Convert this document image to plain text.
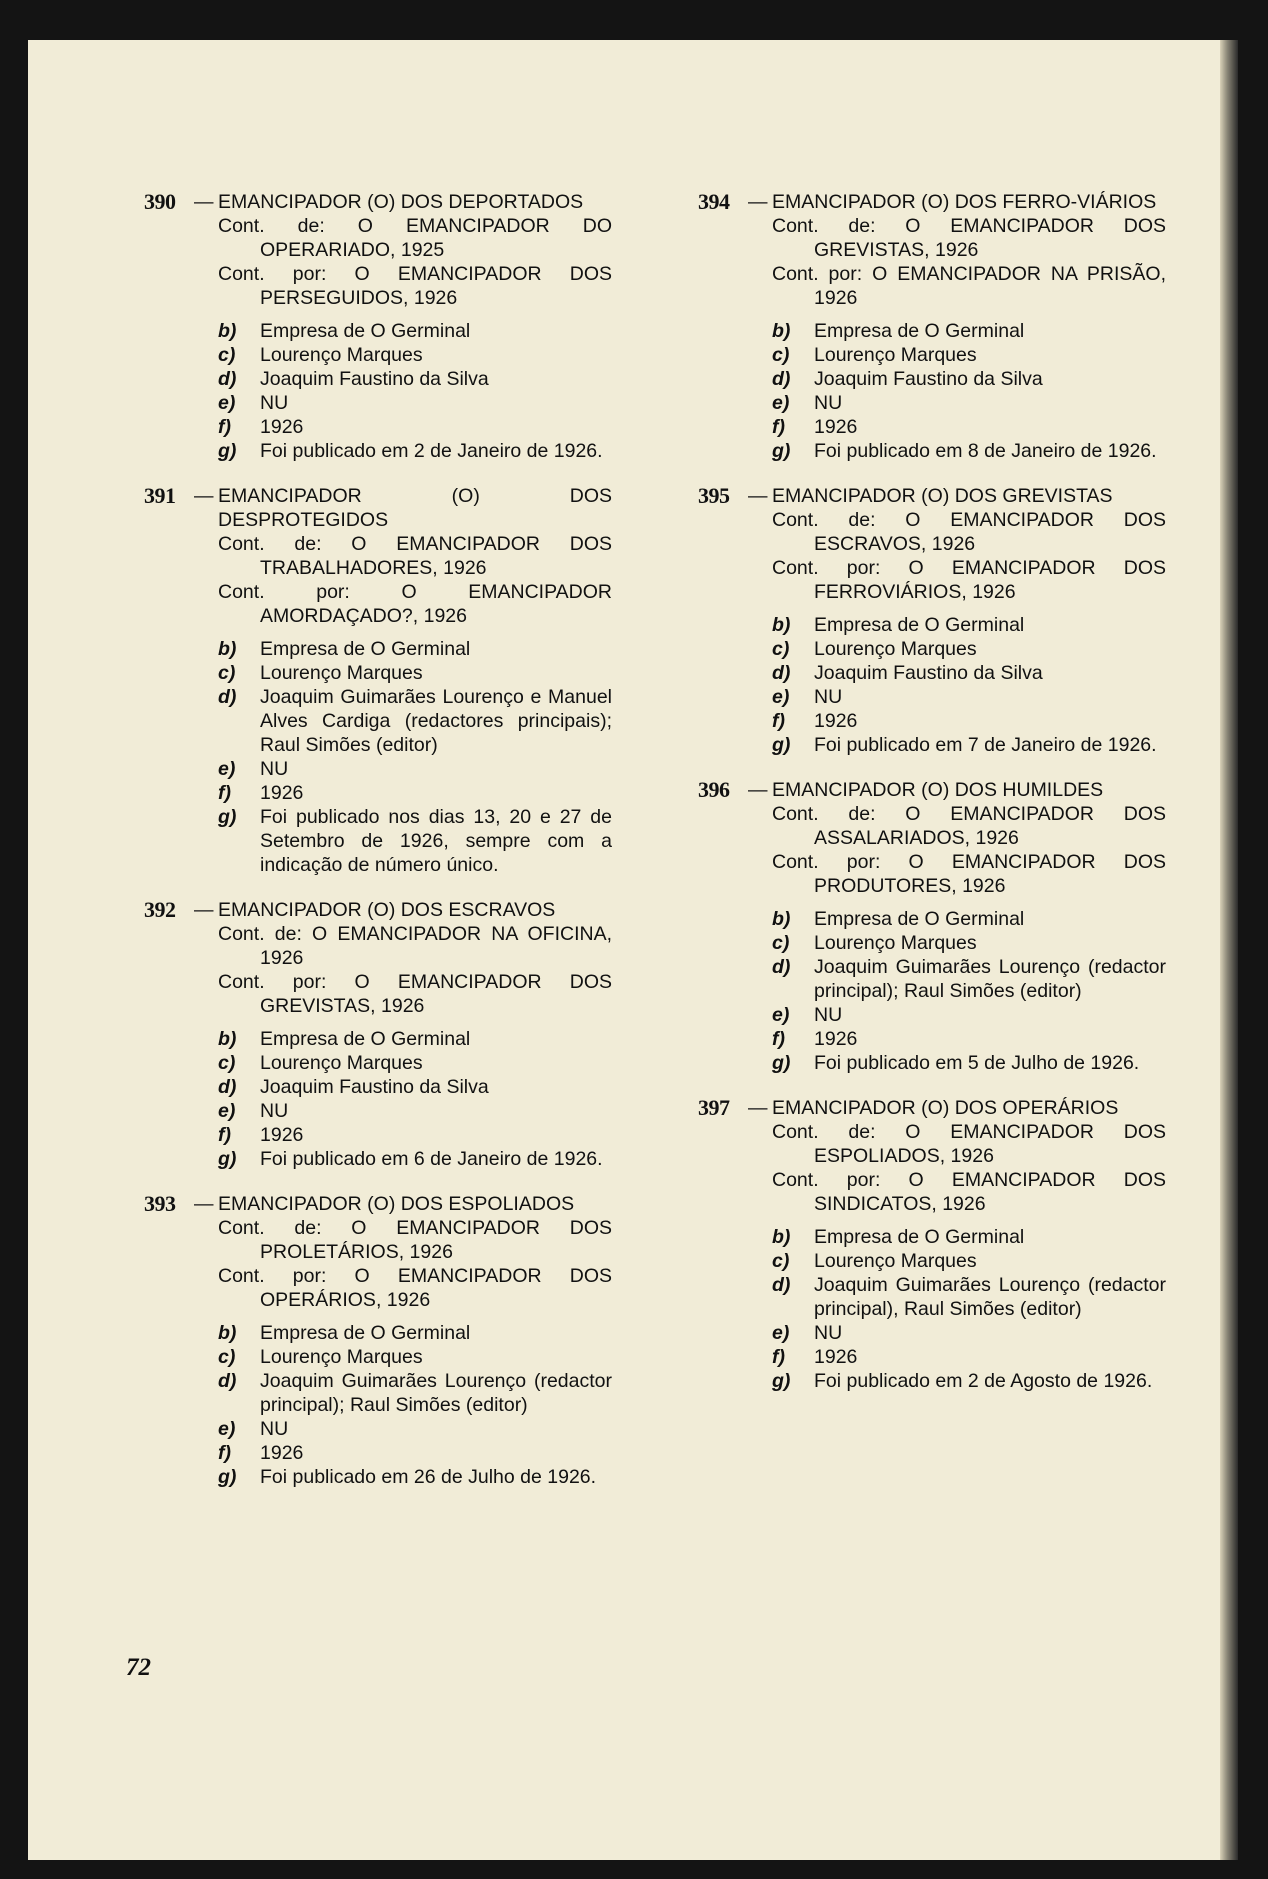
390 — EMANCIPADOR (O) DOS DEPORTADOS
Cont. de: O EMANCIPADOR DO OPERARIADO, 1925
Cont. por: O EMANCIPADOR DOS PERSEGUIDOS, 1926
b) Empresa de O Germinal
c) Lourenço Marques
d) Joaquim Faustino da Silva
e) NU
f) 1926
g) Foi publicado em 2 de Janeiro de 1926.
391 — EMANCIPADOR (O) DOS DESPROTEGIDOS
Cont. de: O EMANCIPADOR DOS TRABALHADORES, 1926
Cont. por: O EMANCIPADOR AMORDAÇADO?, 1926
b) Empresa de O Germinal
c) Lourenço Marques
d) Joaquim Guimarães Lourenço e Manuel Alves Cardiga (redactores principais); Raul Simões (editor)
e) NU
f) 1926
g) Foi publicado nos dias 13, 20 e 27 de Setembro de 1926, sempre com a indicação de número único.
392 — EMANCIPADOR (O) DOS ESCRAVOS
Cont. de: O EMANCIPADOR NA OFICINA, 1926
Cont. por: O EMANCIPADOR DOS GREVISTAS, 1926
b) Empresa de O Germinal
c) Lourenço Marques
d) Joaquim Faustino da Silva
e) NU
f) 1926
g) Foi publicado em 6 de Janeiro de 1926.
393 — EMANCIPADOR (O) DOS ESPOLIADOS
Cont. de: O EMANCIPADOR DOS PROLETÁRIOS, 1926
Cont. por: O EMANCIPADOR DOS OPERÁRIOS, 1926
b) Empresa de O Germinal
c) Lourenço Marques
d) Joaquim Guimarães Lourenço (redactor principal); Raul Simões (editor)
e) NU
f) 1926
g) Foi publicado em 26 de Julho de 1926.
394 — EMANCIPADOR (O) DOS FERRO-VIÁRIOS
Cont. de: O EMANCIPADOR DOS GREVISTAS, 1926
Cont. por: O EMANCIPADOR NA PRISÃO, 1926
b) Empresa de O Germinal
c) Lourenço Marques
d) Joaquim Faustino da Silva
e) NU
f) 1926
g) Foi publicado em 8 de Janeiro de 1926.
395 — EMANCIPADOR (O) DOS GREVISTAS
Cont. de: O EMANCIPADOR DOS ESCRAVOS, 1926
Cont. por: O EMANCIPADOR DOS FERROVIÁRIOS, 1926
b) Empresa de O Germinal
c) Lourenço Marques
d) Joaquim Faustino da Silva
e) NU
f) 1926
g) Foi publicado em 7 de Janeiro de 1926.
396 — EMANCIPADOR (O) DOS HUMILDES
Cont. de: O EMANCIPADOR DOS ASSALARIADOS, 1926
Cont. por: O EMANCIPADOR DOS PRODUTORES, 1926
b) Empresa de O Germinal
c) Lourenço Marques
d) Joaquim Guimarães Lourenço (redactor principal); Raul Simões (editor)
e) NU
f) 1926
g) Foi publicado em 5 de Julho de 1926.
397 — EMANCIPADOR (O) DOS OPERÁRIOS
Cont. de: O EMANCIPADOR DOS ESPOLIADOS, 1926
Cont. por: O EMANCIPADOR DOS SINDICATOS, 1926
b) Empresa de O Germinal
c) Lourenço Marques
d) Joaquim Guimarães Lourenço (redactor principal), Raul Simões (editor)
e) NU
f) 1926
g) Foi publicado em 2 de Agosto de 1926.
72
